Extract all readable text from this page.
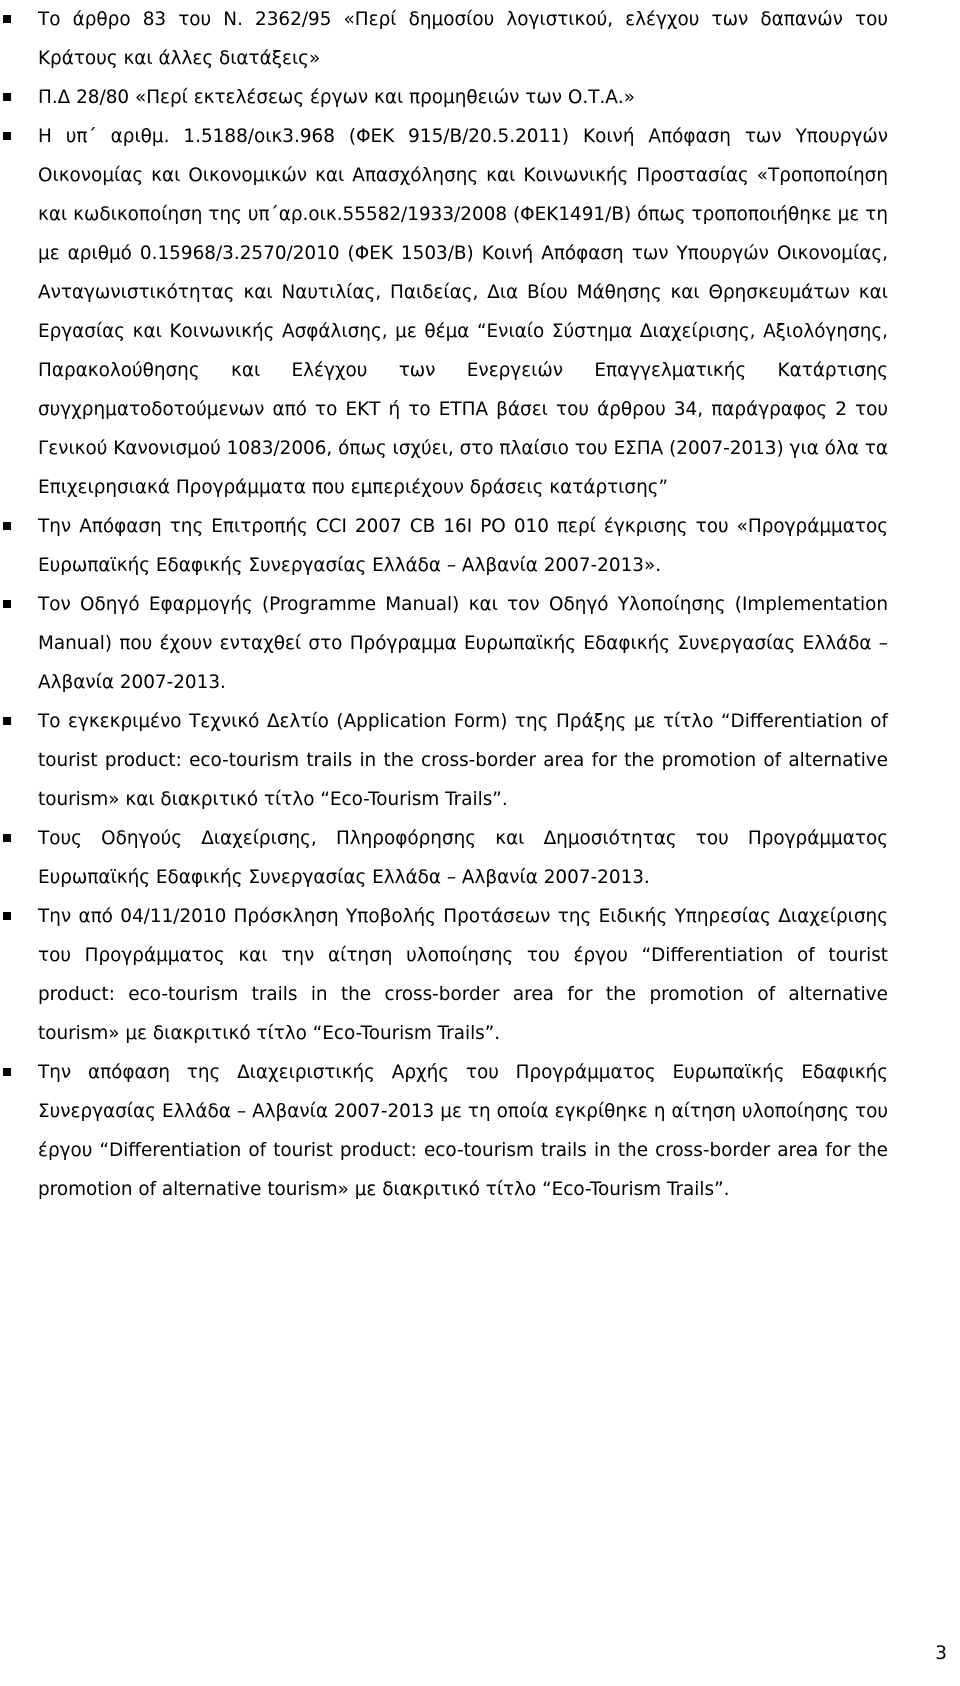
Το άρθρο 83 του Ν. 2362/95 «Περί δημοσίου λογιστικού, ελέγχου των δαπανών του Κράτους και άλλες διατάξεις»
Π.Δ 28/80 «Περί εκτελέσεως έργων και προμηθειών των Ο.Τ.Α.»
Η υπ΄ αριθμ. 1.5188/οικ3.968 (ΦΕΚ 915/Β/20.5.2011) Κοινή Απόφαση των Υπουργών Οικονομίας και Οικονομικών και Απασχόλησης και Κοινωνικής Προστασίας «Τροποποίηση και κωδικοποίηση της υπ΄αρ.οικ.55582/1933/2008 (ΦΕΚ1491/Β) όπως τροποποιήθηκε με τη με αριθμό 0.15968/3.2570/2010 (ΦΕΚ 1503/Β) Κοινή Απόφαση των Υπουργών Οικονομίας, Ανταγωνιστικότητας και Ναυτιλίας, Παιδείας, Δια Βίου Μάθησης και Θρησκευμάτων και Εργασίας και Κοινωνικής Ασφάλισης, με θέμα “Ενιαίο Σύστημα Διαχείρισης, Αξιολόγησης, Παρακολούθησης και Ελέγχου των Ενεργειών Επαγγελματικής Κατάρτισης συγχρηματοδοτούμενων από το ΕΚΤ ή το ΕΤΠΑ βάσει του άρθρου 34, παράγραφος 2 του Γενικού Κανονισμού 1083/2006, όπως ισχύει, στο πλαίσιο του ΕΣΠΑ (2007-2013) για όλα τα Επιχειρησιακά Προγράμματα που εμπεριέχουν δράσεις κατάρτισης”
Την Απόφαση της Επιτροπής CCI 2007 CB 16I PO 010 περί έγκρισης του «Προγράμματος Ευρωπαϊκής Εδαφικής Συνεργασίας Ελλάδα – Αλβανία 2007-2013».
Τον Οδηγό Εφαρμογής (Programme Manual) και τον Οδηγό Υλοποίησης (Implementation Manual) που έχουν ενταχθεί στο Πρόγραμμα Ευρωπαϊκής Εδαφικής Συνεργασίας Ελλάδα – Αλβανία 2007-2013.
Το εγκεκριμένο Τεχνικό Δελτίο (Application Form) της Πράξης με τίτλο “Differentiation of tourist product: eco-tourism trails in the cross-border area for the promotion of alternative tourism» και διακριτικό τίτλο “Eco-Tourism Trails”.
Τους Οδηγούς Διαχείρισης, Πληροφόρησης και Δημοσιότητας του Προγράμματος Ευρωπαϊκής Εδαφικής Συνεργασίας Ελλάδα – Αλβανία 2007-2013.
Την από 04/11/2010 Πρόσκληση Υποβολής Προτάσεων της Ειδικής Υπηρεσίας Διαχείρισης του Προγράμματος και την αίτηση υλοποίησης του έργου “Differentiation of tourist product: eco-tourism trails in the cross-border area for the promotion of alternative tourism» με διακριτικό τίτλο “Eco-Tourism Trails”.
Την απόφαση της Διαχειριστικής Αρχής του Προγράμματος Ευρωπαϊκής Εδαφικής Συνεργασίας Ελλάδα – Αλβανία 2007-2013 με τη οποία εγκρίθηκε η αίτηση υλοποίησης του έργου “Differentiation of tourist product: eco-tourism trails in the cross-border area for the promotion of alternative tourism» με διακριτικό τίτλο “Eco-Tourism Trails”.
3
